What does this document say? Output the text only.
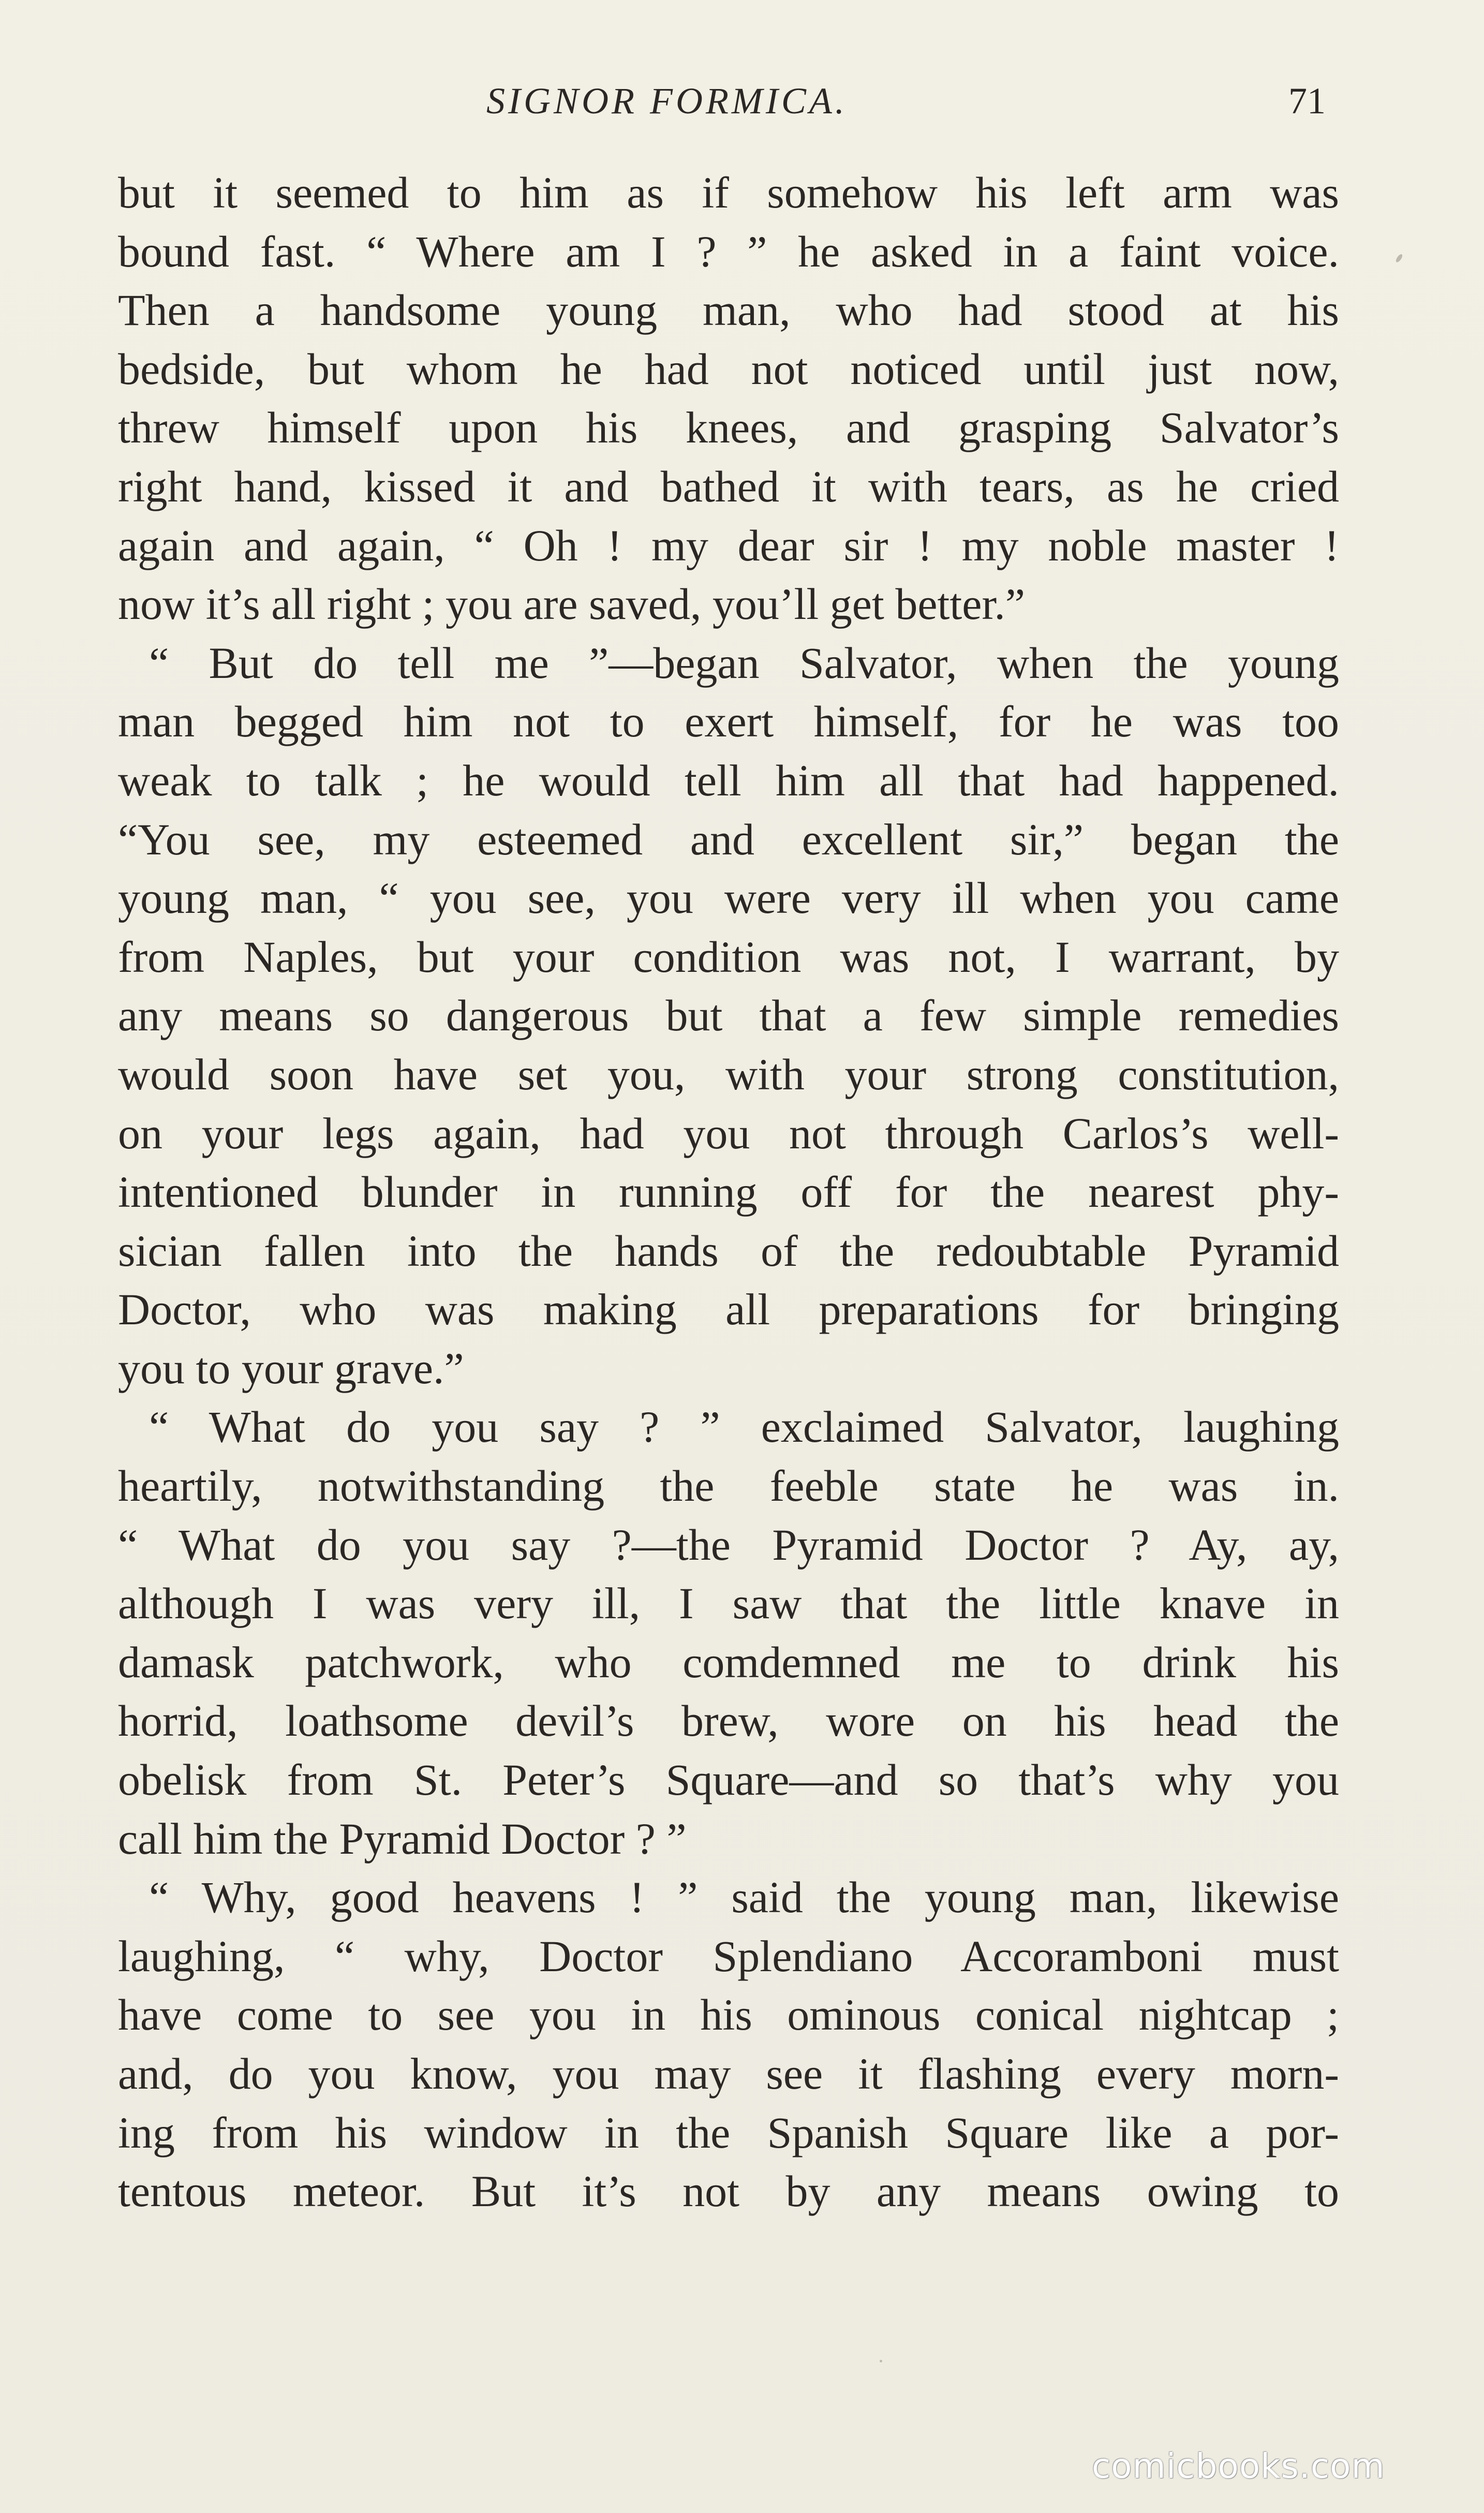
SIGNOR FORMICA.	71
but it seemed to him as if somehow his left arm was
bound fast. “ Where am I ? ” he asked in a faint voice.
Then a handsome young man, who had stood at his
bedside, but whom he had not noticed until just now,
threw himself upon his knees, and grasping Salvator’s
right hand, kissed it and bathed it with tears, as he cried
again and again, “ Oh ! my dear sir ! my noble master !
now it’s all right ; you are saved, you’ll get better.”
“ But do tell me ”—began Salvator, when the young
man begged him not to exert himself, for he was too
weak to talk ; he would tell him all that had happened.
“You see, my esteemed and excellent sir,” began the
young man, “ you see, you were very ill when you came
from Naples, but your condition was not, I warrant, by
any means so dangerous but that a few simple remedies
would soon have set you, with your strong constitution,
on your legs again, had you not through Carlos’s well-
intentioned blunder in running off for the nearest phy-
sician fallen into the hands of the redoubtable Pyramid
Doctor, who was making all preparations for bringing
you to your grave.”
“ What do you say ? ” exclaimed Salvator, laughing
heartily, notwithstanding the feeble state he was in.
“ What do you say ?—the Pyramid Doctor ? Ay, ay,
although I was very ill, I saw that the little knave in
damask patchwork, who comdemned me to drink his
horrid, loathsome devil’s brew, wore on his head the
obelisk from St. Peter’s Square—and so that’s why you
call him the Pyramid Doctor ? ”
“ Why, good heavens ! ” said the young man, likewise
laughing, “ why, Doctor Splendiano Accoramboni must
have come to see you in his ominous conical nightcap ;
and, do you know, you may see it flashing every morn-
ing from his window in the Spanish Square like a por-
tentous meteor. But it’s not by any means owing to
comicbooks.com
